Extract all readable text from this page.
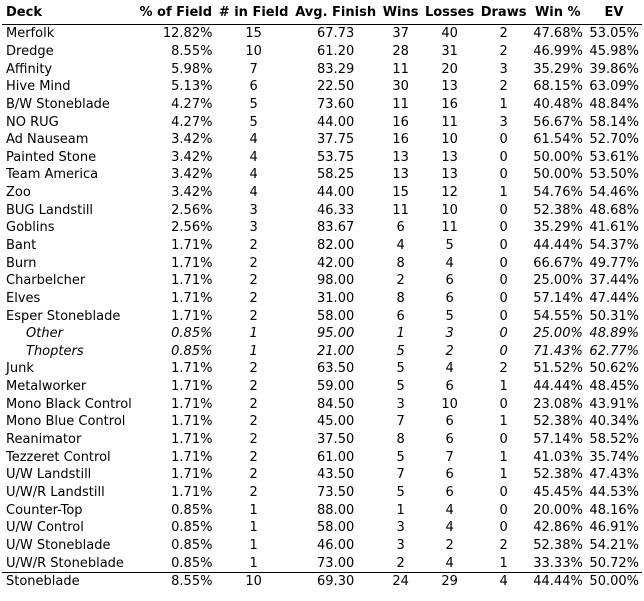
Deck	% of Field	# in Field	Avg. Finish	Wins	Losses	Draws	Win %	EV
Merfolk	12.82%	15	67.73	37	40	2	47.68%	53.05%
Dredge	8.55%	10	61.20	28	31	2	46.99%	45.98%
Affinity	5.98%	7	83.29	11	20	3	35.29%	39.86%
Hive Mind	5.13%	6	22.50	30	13	2	68.15%	63.09%
B/W Stoneblade	4.27%	5	73.60	11	16	1	40.48%	48.84%
NO RUG	4.27%	5	44.00	16	11	3	56.67%	58.14%
Ad Nauseam	3.42%	4	37.75	16	10	0	61.54%	52.70%
Painted Stone	3.42%	4	53.75	13	13	0	50.00%	53.61%
Team America	3.42%	4	58.25	13	13	0	50.00%	53.50%
Zoo	3.42%	4	44.00	15	12	1	54.76%	54.46%
BUG Landstill	2.56%	3	46.33	11	10	0	52.38%	48.68%
Goblins	2.56%	3	83.67	6	11	0	35.29%	41.61%
Bant	1.71%	2	82.00	4	5	0	44.44%	54.37%
Burn	1.71%	2	42.00	8	4	0	66.67%	49.77%
Charbelcher	1.71%	2	98.00	2	6	0	25.00%	37.44%
Elves	1.71%	2	31.00	8	6	0	57.14%	47.44%
Esper Stoneblade	1.71%	2	58.00	6	5	0	54.55%	50.31%
Other	0.85%	1	95.00	1	3	0	25.00%	48.89%
Thopters	0.85%	1	21.00	5	2	0	71.43%	62.77%
Junk	1.71%	2	63.50	5	4	2	51.52%	50.62%
Metalworker	1.71%	2	59.00	5	6	1	44.44%	48.45%
Mono Black Control	1.71%	2	84.50	3	10	0	23.08%	43.91%
Mono Blue Control	1.71%	2	45.00	7	6	1	52.38%	40.34%
Reanimator	1.71%	2	37.50	8	6	0	57.14%	58.52%
Tezzeret Control	1.71%	2	61.00	5	7	1	41.03%	35.74%
U/W Landstill	1.71%	2	43.50	7	6	1	52.38%	47.43%
U/W/R Landstill	1.71%	2	73.50	5	6	0	45.45%	44.53%
Counter-Top	0.85%	1	88.00	1	4	0	20.00%	48.16%
U/W Control	0.85%	1	58.00	3	4	0	42.86%	46.91%
U/W Stoneblade	0.85%	1	46.00	3	2	2	52.38%	54.21%
U/W/R Stoneblade	0.85%	1	73.00	2	4	1	33.33%	50.72%
Stoneblade	8.55%	10	69.30	24	29	4	44.44%	50.00%
